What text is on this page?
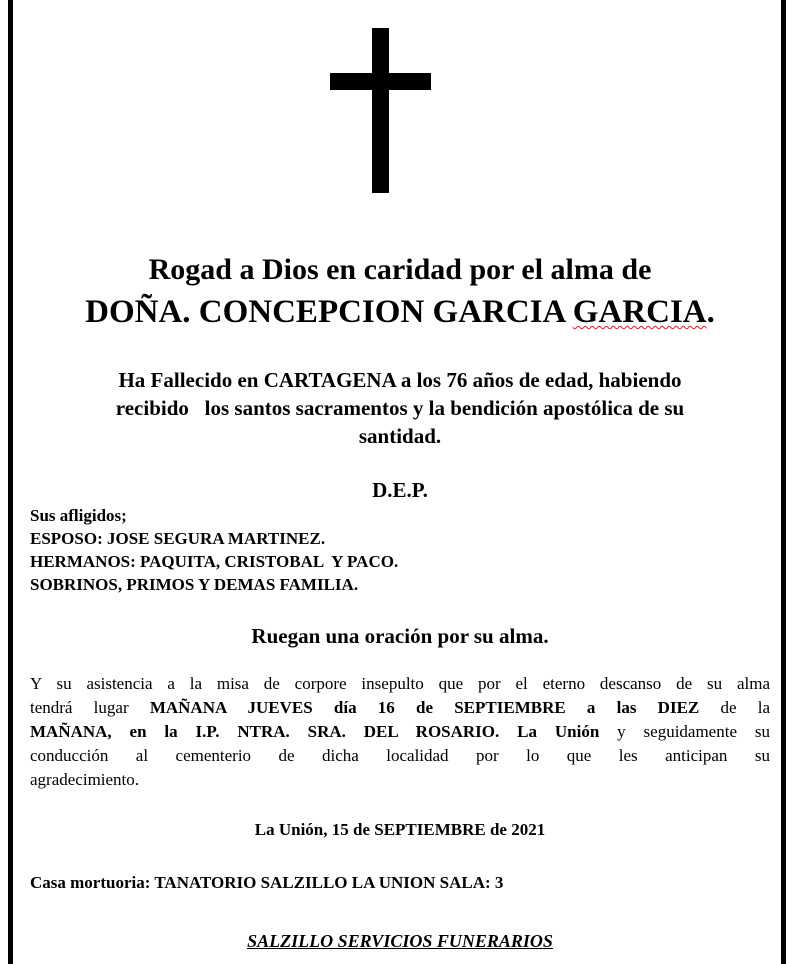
Rogad a Dios en caridad por el alma de
DOÑA. CONCEPCION GARCIA GARCIA.
Ha Fallecido en CARTAGENA a los 76 años de edad, habiendo
recibido   los santos sacramentos y la bendición apostólica de su
santidad.
D.E.P.
Sus afligidos;
ESPOSO: JOSE SEGURA MARTINEZ.
HERMANOS: PAQUITA, CRISTOBAL  Y PACO.
SOBRINOS, PRIMOS Y DEMAS FAMILIA.
Ruegan una oración por su alma.
Y su asistencia a la misa de corpore insepulto que por el eterno descanso de su alma
tendrá lugar MAÑANA JUEVES día 16 de SEPTIEMBRE a las DIEZ de la
MAÑANA, en la I.P. NTRA. SRA. DEL ROSARIO. La Unión y seguidamente su
conducción al cementerio de dicha localidad por lo que les anticipan su
agradecimiento.
La Unión, 15 de SEPTIEMBRE de 2021
Casa mortuoria: TANATORIO SALZILLO LA UNION SALA: 3
SALZILLO SERVICIOS FUNERARIOS
